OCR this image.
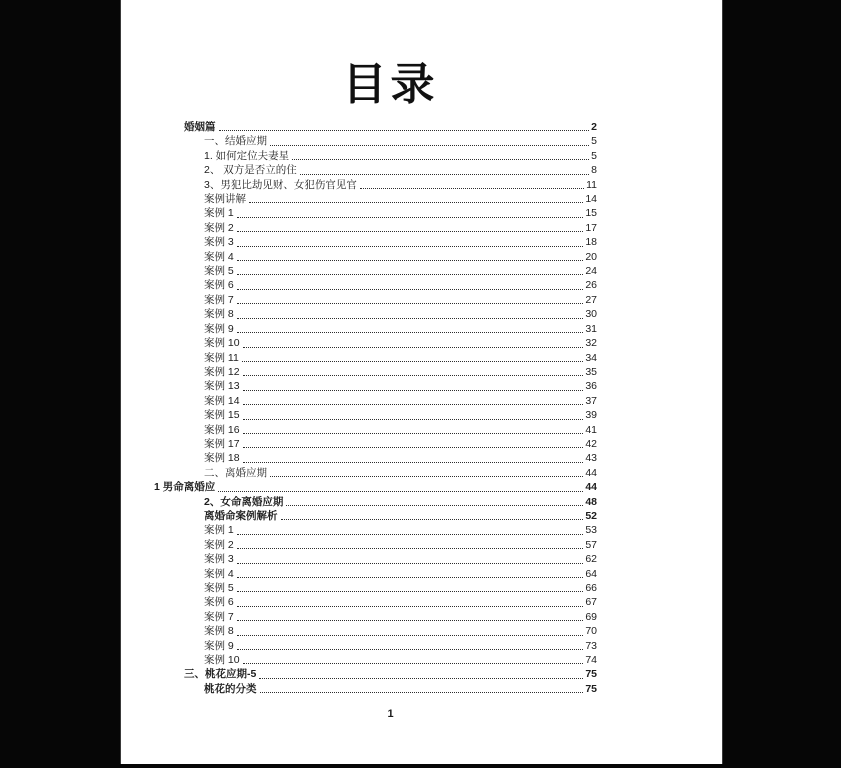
目录
婚姻篇	2
一、结婚应期	5
1. 如何定位夫妻星	5
2、 双方是否立的住	8
3、男犯比劫见财、女犯伤官见官	11
案例讲解	14
案例 1	15
案例 2	17
案例 3	18
案例 4	20
案例 5	24
案例 6	26
案例 7	27
案例 8	30
案例 9	31
案例 10	32
案例 11	34
案例 12	35
案例 13	36
案例 14	37
案例 15	39
案例 16	41
案例 17	42
案例 18	43
二、离婚应期	44
1 男命离婚应	44
2、女命离婚应期	48
离婚命案例解析	52
案例 1	53
案例 2	57
案例 3	62
案例 4	64
案例 5	66
案例 6	67
案例 7	69
案例 8	70
案例 9	73
案例 10	74
三、桃花应期-5	75
桃花的分类	75
1
